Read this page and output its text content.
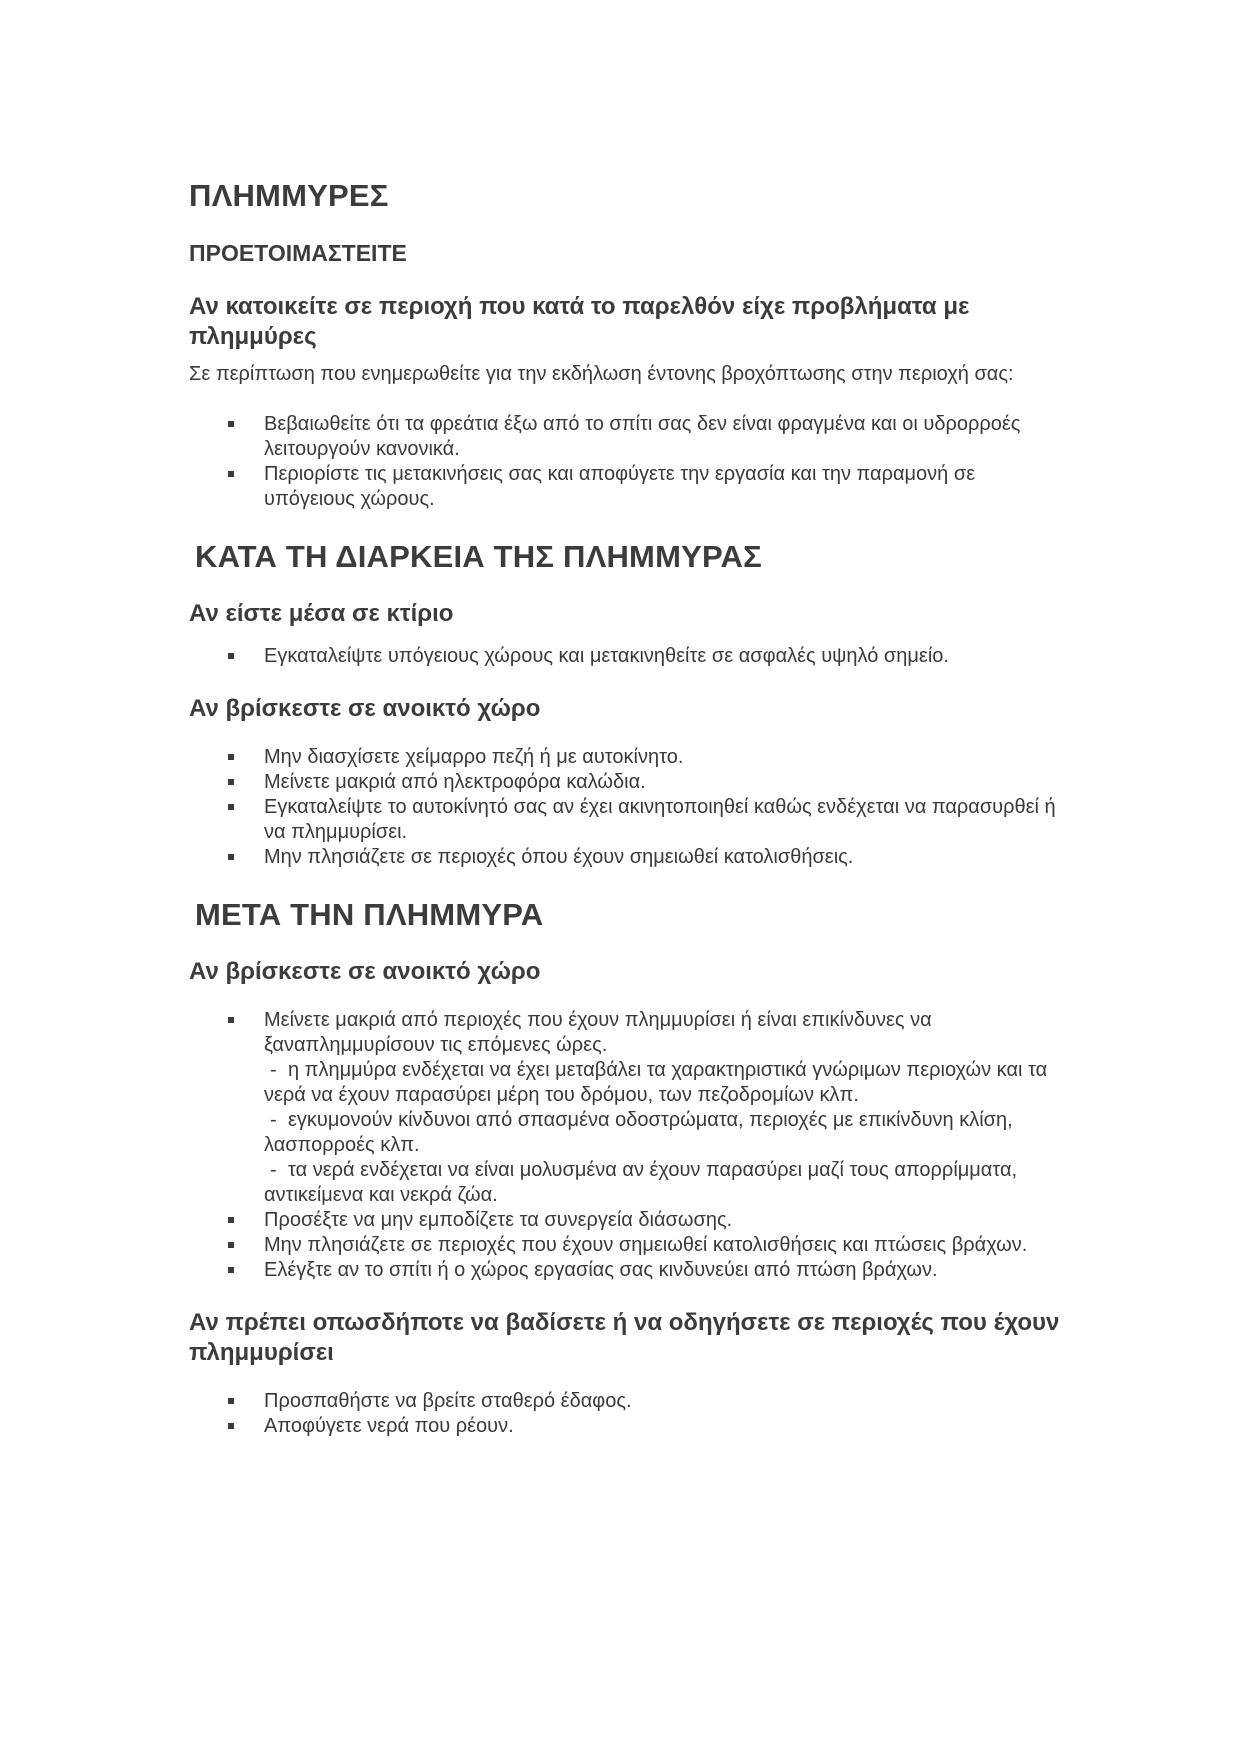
ΠΛΗΜΜΥΡΕΣ
ΠΡΟΕΤΟΙΜΑΣΤΕΙΤΕ
Αν κατοικείτε σε περιοχή που κατά το παρελθόν είχε προβλήματα με πλημμύρες

Σε περίπτωση που ενημερωθείτε για την εκδήλωση έντονης βροχόπτωσης στην περιοχή σας:

Βεβαιωθείτε ότι τα φρεάτια έξω από το σπίτι σας δεν είναι φραγμένα και οι υδρορροές λειτουργούν κανονικά.
Περιορίστε τις μετακινήσεις σας και αποφύγετε την εργασία και την παραμονή σε υπόγειους χώρους.
ΚΑΤΑ ΤΗ ΔΙΑΡΚΕΙΑ ΤΗΣ ΠΛΗΜΜΥΡΑΣ
Αν είστε μέσα σε κτίριο
Εγκαταλείψτε υπόγειους χώρους και μετακινηθείτε σε ασφαλές υψηλό σημείο.
Αν βρίσκεστε σε ανοικτό χώρο
Μην διασχίσετε χείμαρρο πεζή ή με αυτοκίνητο.
Μείνετε μακριά από ηλεκτροφόρα καλώδια.
Εγκαταλείψτε το αυτοκίνητό σας αν έχει ακινητοποιηθεί καθώς ενδέχεται να παρασυρθεί ή να πλημμυρίσει.
Μην πλησιάζετε σε περιοχές όπου έχουν σημειωθεί κατολισθήσεις.
ΜΕΤΑ ΤΗΝ ΠΛΗΜΜΥΡΑ
Αν βρίσκεστε σε ανοικτό χώρο
Μείνετε μακριά από περιοχές που έχουν πλημμυρίσει ή είναι επικίνδυνες να ξαναπλημμυρίσουν τις επόμενες ώρες.
- η πλημμύρα ενδέχεται να έχει μεταβάλει τα χαρακτηριστικά γνώριμων περιοχών και τα νερά να έχουν παρασύρει μέρη του δρόμου, των πεζοδρομίων κλπ.
- εγκυμονούν κίνδυνοι από σπασμένα οδοστρώματα, περιοχές με επικίνδυνη κλίση, λασπορροές κλπ.
- τα νερά ενδέχεται να είναι μολυσμένα αν έχουν παρασύρει μαζί τους απορρίμματα, αντικείμενα και νεκρά ζώα.
Προσέξτε να μην εμποδίζετε τα συνεργεία διάσωσης.
Μην πλησιάζετε σε περιοχές που έχουν σημειωθεί κατολισθήσεις και πτώσεις βράχων.
Ελέγξτε αν το σπίτι ή ο χώρος εργασίας σας κινδυνεύει από πτώση βράχων.
Αν πρέπει οπωσδήποτε να βαδίσετε ή να οδηγήσετε σε περιοχές που έχουν πλημμυρίσει
Προσπαθήστε να βρείτε σταθερό έδαφος.
Αποφύγετε νερά που ρέουν.
